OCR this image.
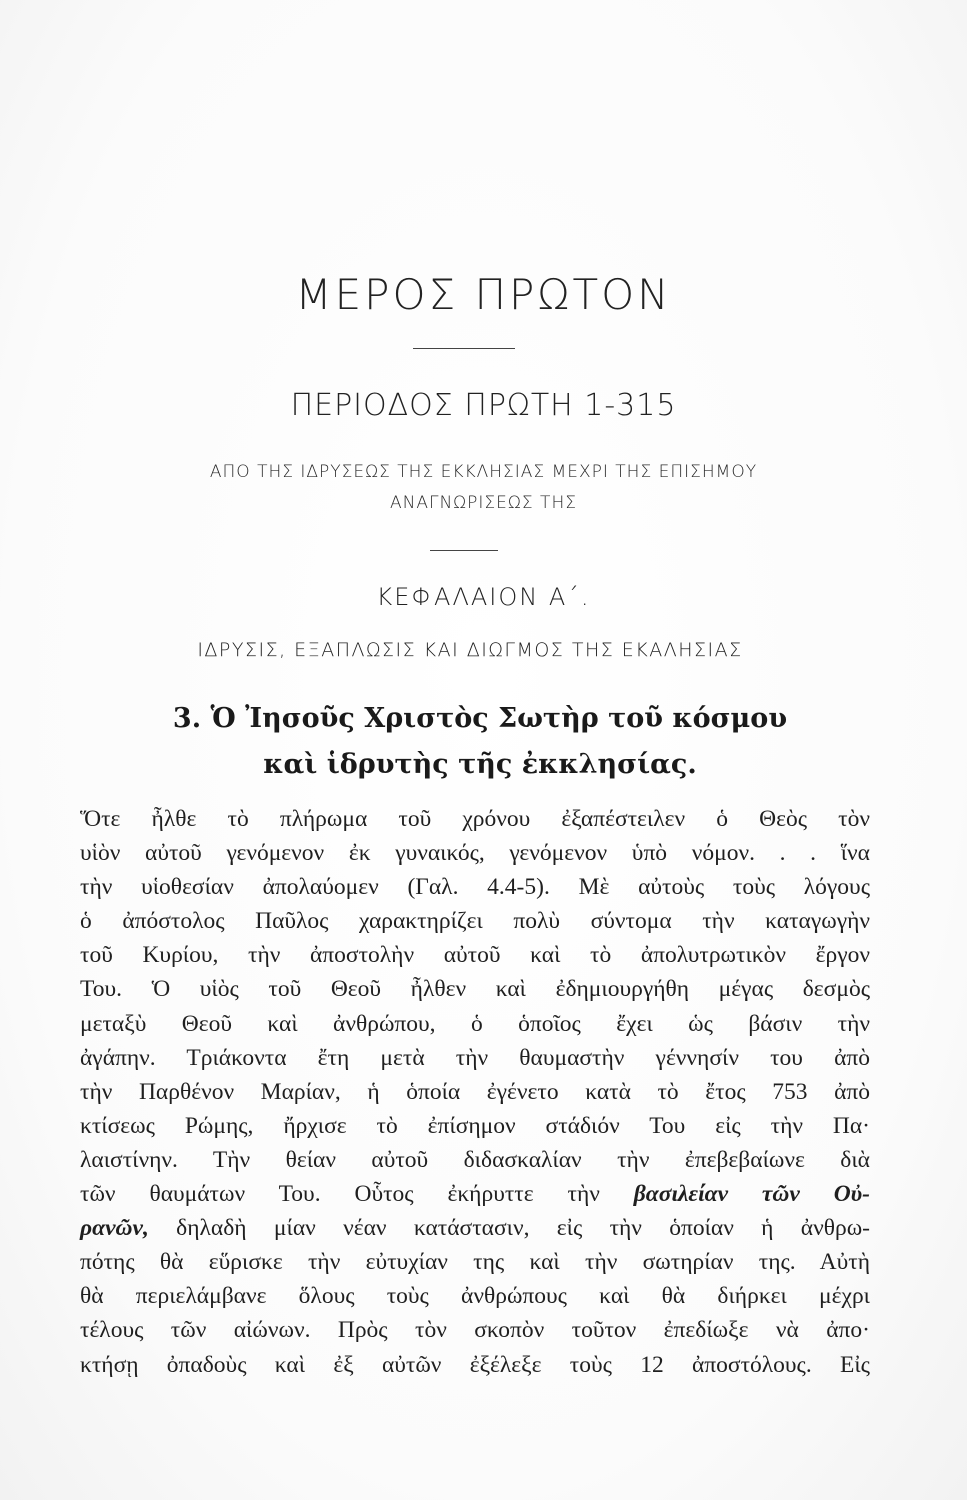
ΜΕΡΟΣ ΠΡΩΤΟΝ
ΠΕΡΙΟΔΟΣ ΠΡΩΤΗ 1-315
ΑΠΟ ΤΗΣ ΙΔΡΥΣΕΩΣ ΤΗΣ ΕΚΚΛΗΣΙΑΣ ΜΕΧΡΙ ΤΗΣ ΕΠΙΣΗΜΟΥ
ΑΝΑΓΝΩΡΙΣΕΩΣ ΤΗΣ
ΚΕΦΑΛΑΙΟΝ Α΄.
ΙΔΡΥΣΙΣ, ΕΞΑΠΛΩΣΙΣ ΚΑΙ ΔΙΩΓΜΟΣ ΤΗΣ ΕΚΑΛΗΣΙΑΣ
3. Ὁ Ἰησοῦς Χριστὸς Σωτὴρ τοῦ κόσμου
καὶ ἱδρυτὴς τῆς ἐκκλησίας.
Ὅτε ἦλθε τὸ πλήρωμα τοῦ χρόνου ἐξαπέστειλεν ὁ Θεὸς τὸν
υἱὸν αὐτοῦ γενόμενον ἐκ γυναικός, γενόμενον ὑπὸ νόμον. . . ἵνα
τὴν υἱοθεσίαν ἀπολαύομεν (Γαλ. 4.4-5). Μὲ αὐτοὺς τοὺς λόγους
ὁ ἀπόστολος Παῦλος χαρακτηρίζει πολὺ σύντομα τὴν καταγωγὴν
τοῦ Κυρίου, τὴν ἀποστολὴν αὐτοῦ καὶ τὸ ἀπολυτρωτικὸν ἔργον
Του. Ὁ υἱὸς τοῦ Θεοῦ ἦλθεν καὶ ἐδημιουργήθη μέγας δεσμὸς
μεταξὺ Θεοῦ καὶ ἀνθρώπου, ὁ ὁποῖος ἔχει ὡς βάσιν τὴν
ἀγάπην. Τριάκοντα ἔτη μετὰ τὴν θαυμαστὴν γέννησίν του ἀπὸ
τὴν Παρθένον Μαρίαν, ἡ ὁποία ἐγένετο κατὰ τὸ ἔτος 753 ἀπὸ
κτίσεως Ρώμης, ἤρχισε τὸ ἐπίσημον στάδιόν Του εἰς τὴν Πα·
λαιστίνην. Τὴν θείαν αὐτοῦ διδασκαλίαν τὴν ἐπεβεβαίωνε διὰ
τῶν θαυμάτων Του. Οὗτος ἐκήρυττε τὴν βασιλείαν τῶν Οὐ-
ρανῶν, δηλαδὴ μίαν νέαν κατάστασιν, εἰς τὴν ὁποίαν ἡ ἀνθρω-
πότης θὰ εὕρισκε τὴν εὐτυχίαν της καὶ τὴν σωτηρίαν της. Αὐτὴ
θὰ περιελάμβανε ὅλους τοὺς ἀνθρώπους καὶ θὰ διήρκει μέχρι
τέλους τῶν αἰώνων. Πρὸς τὸν σκοπὸν τοῦτον ἐπεδίωξε νὰ ἀπο·
κτήσῃ ὀπαδοὺς καὶ ἐξ αὐτῶν ἐξέλεξε τοὺς 12 ἀποστόλους. Εἰς
